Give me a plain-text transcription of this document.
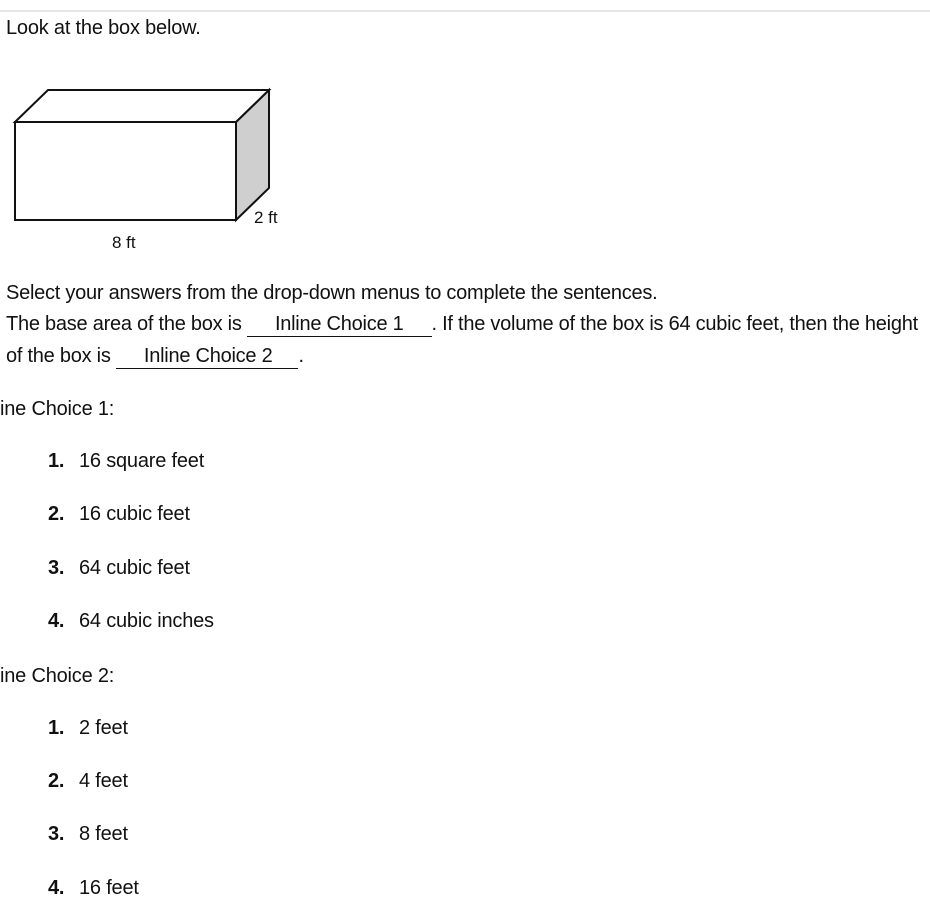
Look at the box below.
2 ft
8 ft
Select your answers from the drop-down menus to complete the sentences.
The base area of the box is Inline Choice 1 . If the volume of the box is 64 cubic feet, then the height of the box is Inline Choice 2 .
ine Choice 1:
1. 16 square feet
2. 16 cubic feet
3. 64 cubic feet
4. 64 cubic inches
ine Choice 2:
1. 2 feet
2. 4 feet
3. 8 feet
4. 16 feet
